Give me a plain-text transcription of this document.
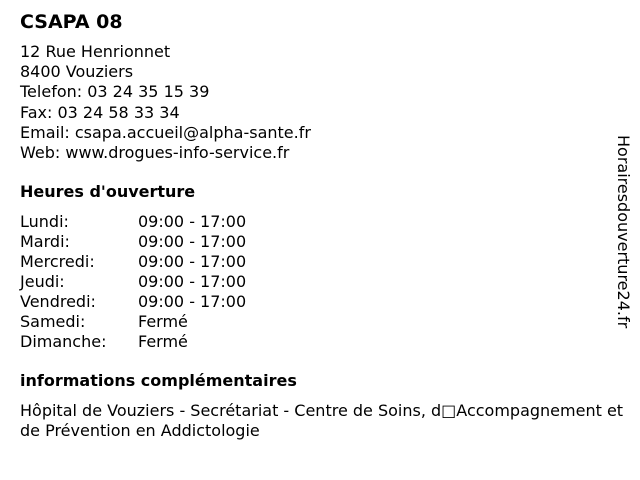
CSAPA 08
12 Rue Henrionnet
8400 Vouziers
Telefon: 03 24 35 15 39
Fax: 03 24 58 33 34
Email: csapa.accueil@alpha-sante.fr
Web: www.drogues-info-service.fr
Heures d'ouverture
Lundi:	09:00 - 17:00
Mardi:	09:00 - 17:00
Mercredi:	09:00 - 17:00
Jeudi:	09:00 - 17:00
Vendredi:	09:00 - 17:00
Samedi:	Fermé
Dimanche:	Fermé
informations complémentaires
Hôpital de Vouziers - Secrétariat - Centre de Soins, d□Accompagnement et de Prévention en Addictologie
Horairesdouverture24.fr
